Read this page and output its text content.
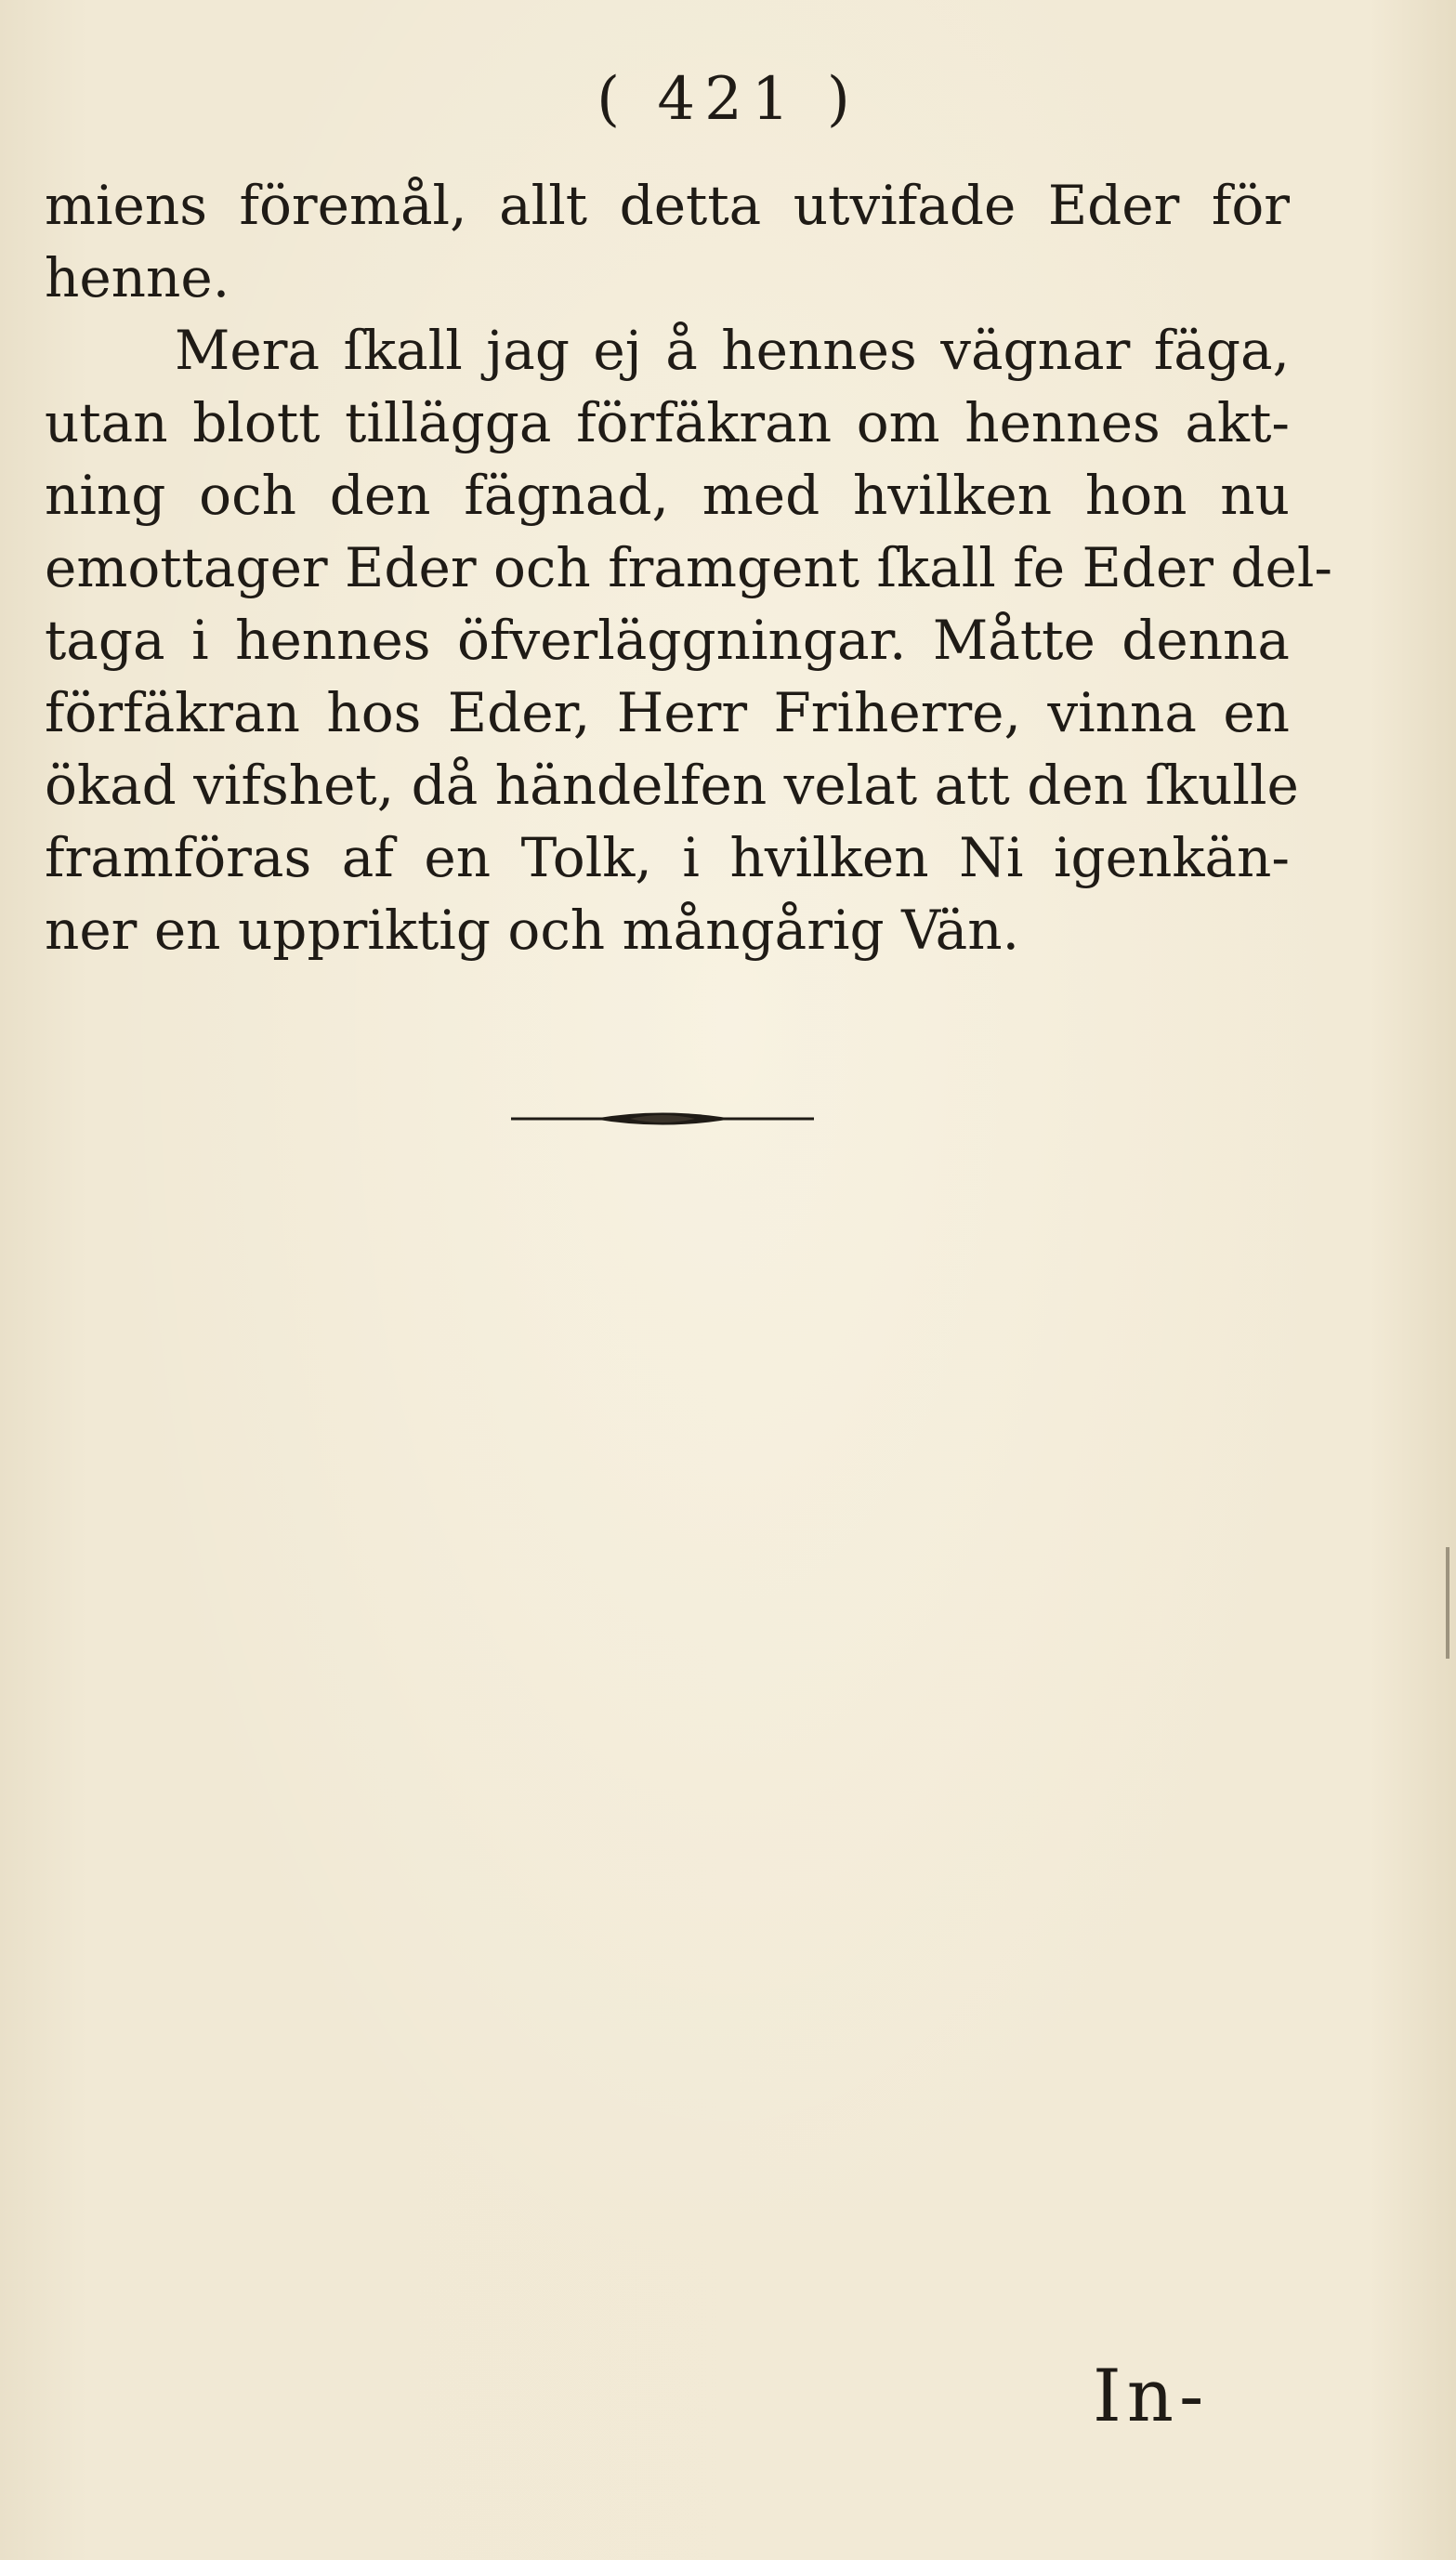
( 421 )
miens föremål, allt detta utvifade Eder för
henne.
Mera ſkall jag ej å hennes vägnar fäga,
utan blott tillägga förfäkran om hennes akt-
ning och den fägnad, med hvilken hon nu
emottager Eder och framgent ſkall fe Eder del-
taga i hennes öfverläggningar. Måtte denna
förfäkran hos Eder, Herr Friherre, vinna en
ökad vifshet, då händelfen velat att den ſkulle
framföras af en Tolk, i hvilken Ni igenkän-
ner en uppriktig och mångårig Vän.
In-
